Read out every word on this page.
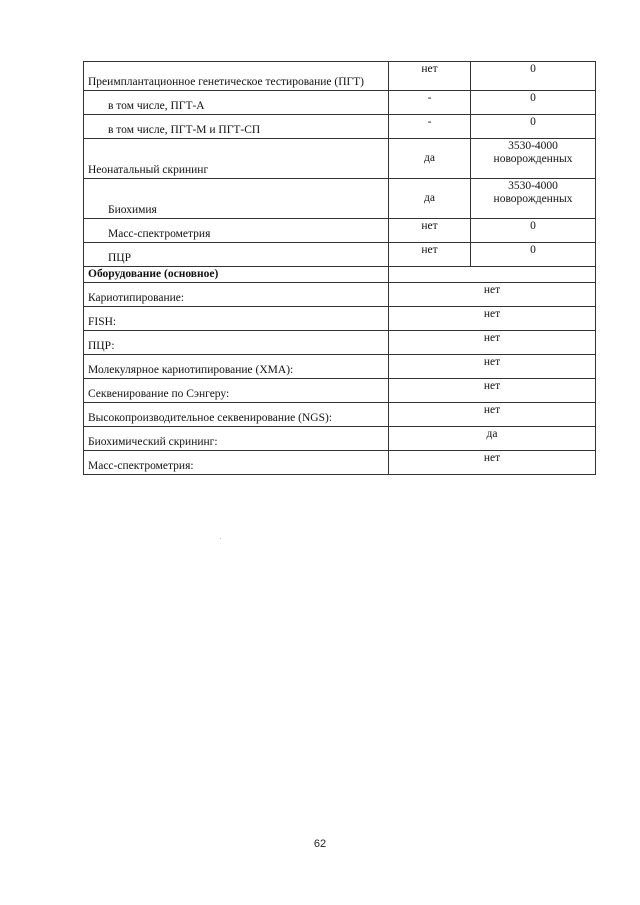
Преимплантационное генетическое тестирование (ПГТ)	нет	0
в том числе, ПГТ-А	-	0
в том числе, ПГТ-М и ПГТ-СП	-	0
Неонатальный скрининг	да	3530-4000 новорожденных
Биохимия	да	3530-4000 новорожденных
Масс-спектрометрия	нет	0
ПЦР	нет	0
Оборудование (основное)		
Кариотипирование:	нет	
FISH:	нет	
ПЦР:	нет	
Молекулярное кариотипирование (ХМА):	нет	
Секвенирование по Сэнгеру:	нет	
Высокопроизводительное секвенирование (NGS):	нет	
Биохимический скрининг:	да	
Масс-спектрометрия:	нет	
62
